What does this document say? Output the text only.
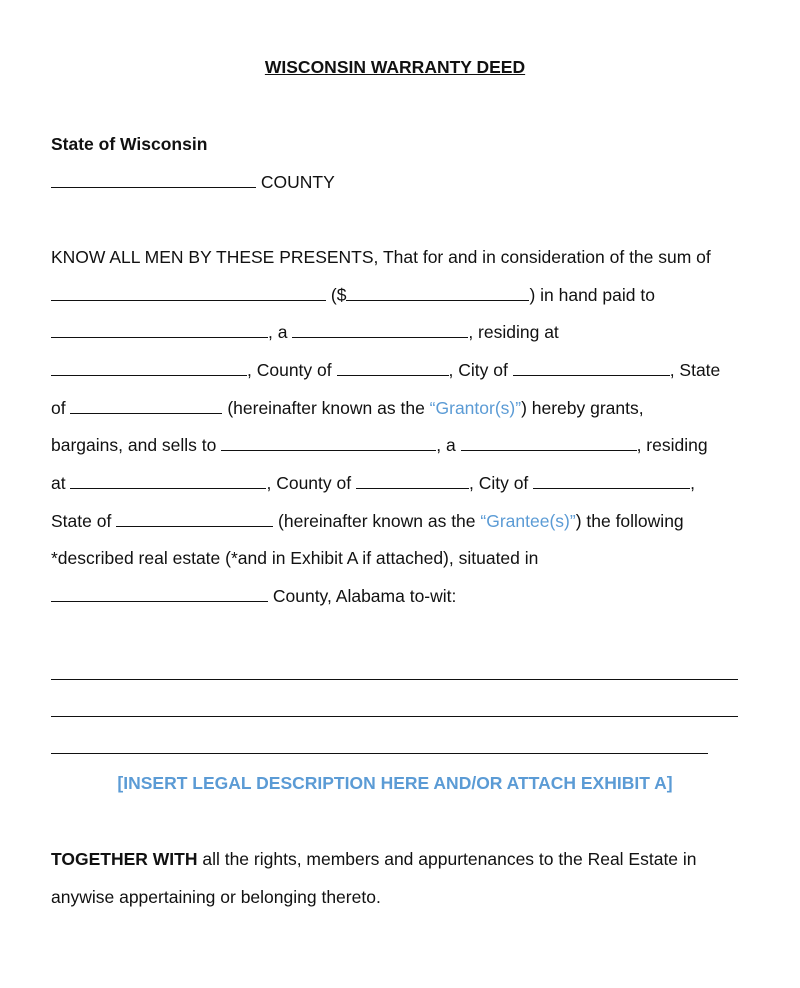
WISCONSIN WARRANTY DEED
State of Wisconsin
COUNTY
KNOW ALL MEN BY THESE PRESENTS, That for and in consideration of the sum of
($	) in hand paid to
, a	, residing at
, County of	, City of	, State
of	(hereinafter known as the “Grantor(s)”) hereby grants,
bargains, and sells to	, a	, residing
at	, County of	, City of	,
State of	(hereinafter known as the “Grantee(s)”) the following
*described real estate (*and in Exhibit A if attached), situated in
County, Alabama to-wit:
[INSERT LEGAL DESCRIPTION HERE AND/OR ATTACH EXHIBIT A]
TOGETHER WITH all the rights, members and appurtenances to the Real Estate in
anywise appertaining or belonging thereto.
